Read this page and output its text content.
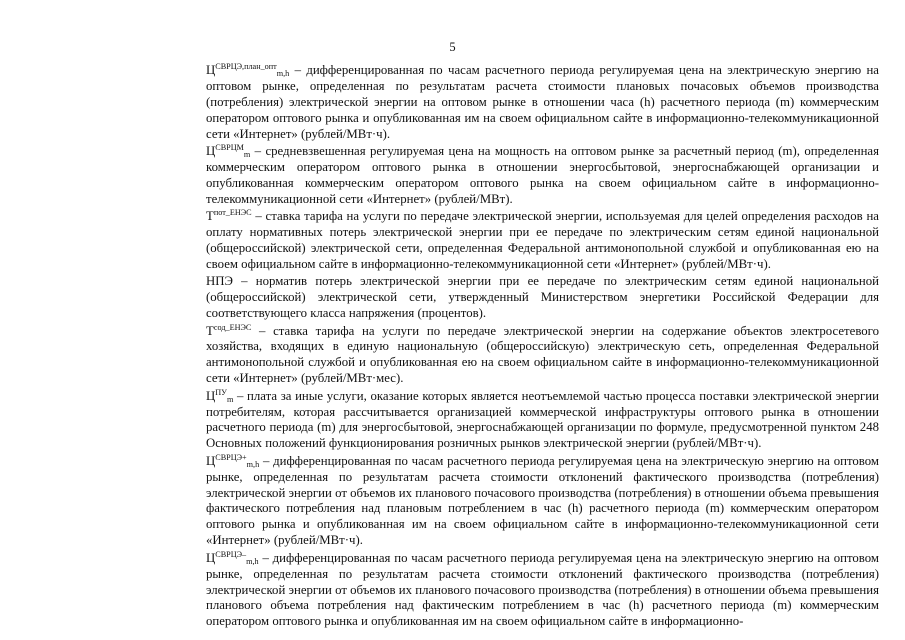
5

$Ц^{СВРЦЭ,план\_опт}_{m,h}$ – дифференцированная по часам расчетного периода регулируемая цена на электрическую энергию на оптовом рынке, определенная по результатам расчета стоимости плановых почасовых объемов производства (потребления) электрической энергии на оптовом рынке в отношении часа (h) расчетного периода (m) коммерческим оператором оптового рынка и опубликованная им на своем официальном сайте в информационно-телекоммуникационной сети «Интернет» (рублей/МВт·ч).

$Ц^{СВРЦМ}_m$ – средневзвешенная регулируемая цена на мощность на оптовом рынке за расчетный период (m), определенная коммерческим оператором оптового рынка в отношении энергосбытовой, энергоснабжающей организации и опубликованная коммерческим оператором оптового рынка на своем официальном сайте в информационно-телекоммуникационной сети «Интернет» (рублей/МВт).

$Т^{пот\_ЕНЭС}$ – ставка тарифа на услуги по передаче электрической энергии, используемая для целей определения расходов на оплату нормативных потерь электрической энергии при ее передаче по электрическим сетям единой национальной (общероссийской) электрической сети, определенная Федеральной антимонопольной службой и опубликованная ею на своем официальном сайте в информационно-телекоммуникационной сети «Интернет» (рублей/МВт·ч).

НПЭ – норматив потерь электрической энергии при ее передаче по электрическим сетям единой национальной (общероссийской) электрической сети, утвержденный Министерством энергетики Российской Федерации для соответствующего класса напряжения (процентов).

$Т^{сод\_ЕНЭС}$ – ставка тарифа на услуги по передаче электрической энергии на содержание объектов электросетевого хозяйства, входящих в единую национальную (общероссийскую) электрическую сеть, определенная Федеральной антимонопольной службой и опубликованная ею на своем официальном сайте в информационно-телекоммуникационной сети «Интернет» (рублей/МВт·мес).

$Ц^{ПУ}_m$ – плата за иные услуги, оказание которых является неотъемлемой частью процесса поставки электрической энергии потребителям, которая рассчитывается организацией коммерческой инфраструктуры оптового рынка в отношении расчетного периода (m) для энергосбытовой, энергоснабжающей организации по формуле, предусмотренной пунктом 248 Основных положений функционирования розничных рынков электрической энергии (рублей/МВт·ч).

$Ц^{СВРЦЭ+}_{m,h}$ – дифференцированная по часам расчетного периода регулируемая цена на электрическую энергию на оптовом рынке, определенная по результатам расчета стоимости отклонений фактического производства (потребления) электрической энергии от объемов их планового почасового производства (потребления) в отношении объема превышения фактического потребления над плановым потреблением в час (h) расчетного периода (m) коммерческим оператором оптового рынка и опубликованная им на своем официальном сайте в информационно-телекоммуникационной сети «Интернет» (рублей/МВт·ч).

$Ц^{СВРЦЭ-}_{m,h}$ – дифференцированная по часам расчетного периода регулируемая цена на электрическую энергию на оптовом рынке, определенная по результатам расчета стоимости отклонений фактического производства (потребления) электрической энергии от объемов их планового почасового производства (потребления) в отношении объема превышения планового объема потребления над фактическим потреблением в час (h) расчетного периода (m) коммерческим оператором оптового рынка и опубликованная им на своем официальном сайте в информационно-
